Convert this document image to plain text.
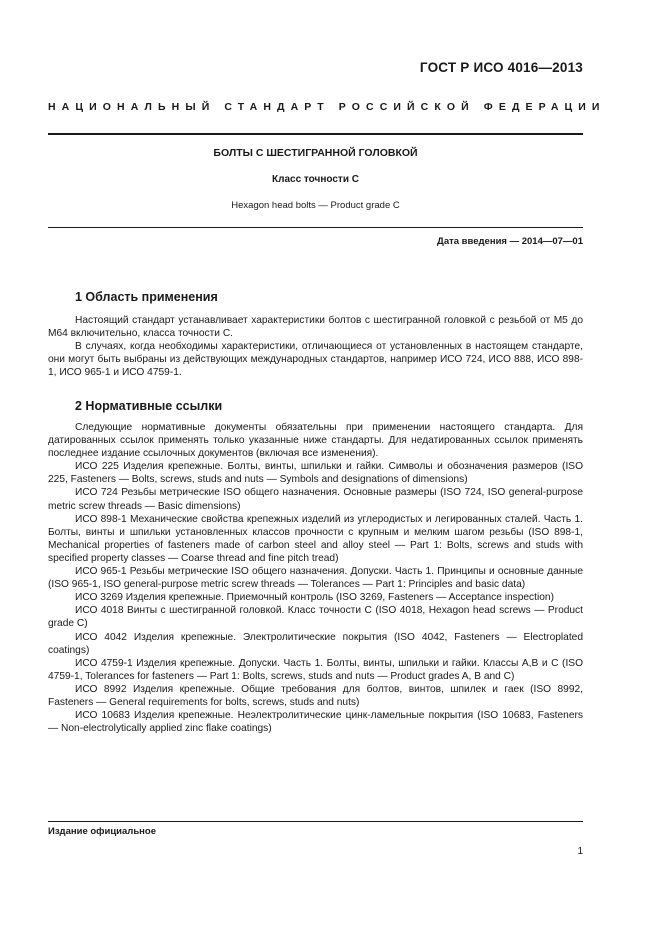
ГОСТ Р ИСО 4016—2013
НАЦИОНАЛЬНЫЙ СТАНДАРТ РОССИЙСКОЙ ФЕДЕРАЦИИ
БОЛТЫ С ШЕСТИГРАННОЙ ГОЛОВКОЙ
Класс точности С
Hexagon head bolts — Product grade C
Дата введения — 2014—07—01
1 Область применения

Настоящий стандарт устанавливает характеристики болтов с шестигранной головкой с резьбой от М5 до М64 включительно, класса точности С.

В случаях, когда необходимы характеристики, отличающиеся от установленных в настоящем стандарте, они могут быть выбраны из действующих международных стандартов, например ИСО 724, ИСО 888, ИСО 898-1, ИСО 965-1 и ИСО 4759-1.

2 Нормативные ссылки

Следующие нормативные документы обязательны при применении настоящего стандарта. Для датированных ссылок применять только указанные ниже стандарты. Для недатированных ссылок применять последнее издание ссылочных документов (включая все изменения).

ИСО 225 Изделия крепежные. Болты, винты, шпильки и гайки. Символы и обозначения размеров (ISO 225, Fasteners — Bolts, screws, studs and nuts — Symbols and designations of dimensions)

ИСО 724 Резьбы метрические ISO общего назначения. Основные размеры (ISO 724, ISO general-purpose metric screw threads — Basic dimensions)

ИСО 898-1 Механические свойства крепежных изделий из углеродистых и легированных сталей. Часть 1. Болты, винты и шпильки установленных классов прочности с крупным и мелким шагом резьбы (ISO 898-1, Mechanical properties of fasteners made of carbon steel and alloy steel — Part 1: Bolts, screws and studs with specified property classes — Coarse thread and fine pitch tread)

ИСО 965-1 Резьбы метрические ISO общего назначения. Допуски. Часть 1. Принципы и основные данные (ISO 965-1, ISO general-purpose metric screw threads — Tolerances — Part 1: Principles and basic data)

ИСО 3269 Изделия крепежные. Приемочный контроль (ISO 3269, Fasteners — Acceptance inspection)

ИСО 4018 Винты с шестигранной головкой. Класс точности С (ISO 4018, Hexagon head screws — Product grade C)

ИСО 4042 Изделия крепежные. Электролитические покрытия (ISO 4042, Fasteners — Electroplated coatings)

ИСО 4759-1 Изделия крепежные. Допуски. Часть 1. Болты, винты, шпильки и гайки. Классы А,В и С (ISO 4759-1, Tolerances for fasteners — Part 1: Bolts, screws, studs and nuts — Product grades A, B and C)

ИСО 8992 Изделия крепежные. Общие требования для болтов, винтов, шпилек и гаек (ISO 8992, Fasteners — General requirements for bolts, screws, studs and nuts)

ИСО 10683 Изделия крепежные. Неэлектролитические цинк-ламельные покрытия (ISO 10683, Fasteners — Non-electrolytically applied zinc flake coatings)

Издание официальное
1
